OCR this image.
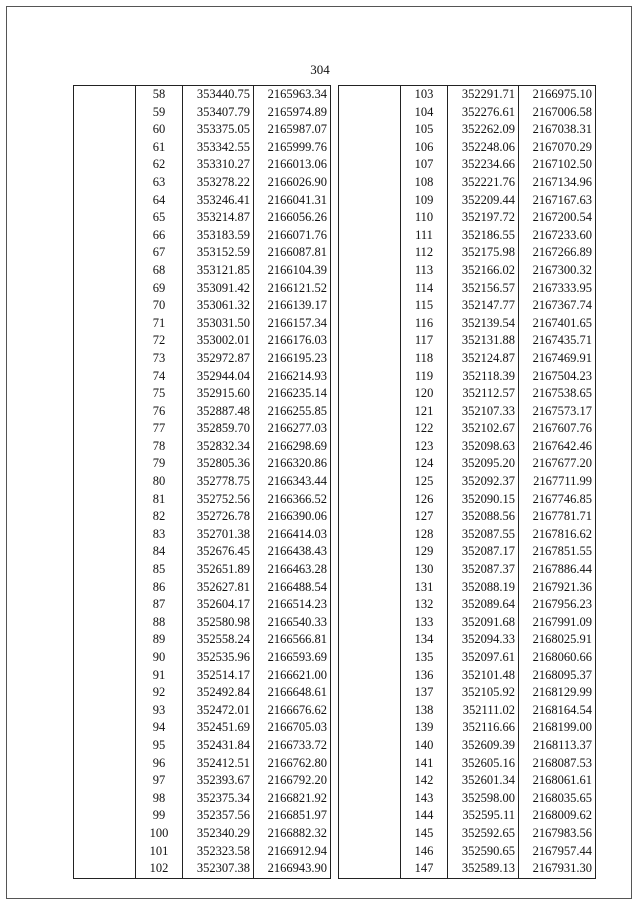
304
	58	353440.75	2165963.34
	59	353407.79	2165974.89
	60	353375.05	2165987.07
	61	353342.55	2165999.76
	62	353310.27	2166013.06
	63	353278.22	2166026.90
	64	353246.41	2166041.31
	65	353214.87	2166056.26
	66	353183.59	2166071.76
	67	353152.59	2166087.81
	68	353121.85	2166104.39
	69	353091.42	2166121.52
	70	353061.32	2166139.17
	71	353031.50	2166157.34
	72	353002.01	2166176.03
	73	352972.87	2166195.23
	74	352944.04	2166214.93
	75	352915.60	2166235.14
	76	352887.48	2166255.85
	77	352859.70	2166277.03
	78	352832.34	2166298.69
	79	352805.36	2166320.86
	80	352778.75	2166343.44
	81	352752.56	2166366.52
	82	352726.78	2166390.06
	83	352701.38	2166414.03
	84	352676.45	2166438.43
	85	352651.89	2166463.28
	86	352627.81	2166488.54
	87	352604.17	2166514.23
	88	352580.98	2166540.33
	89	352558.24	2166566.81
	90	352535.96	2166593.69
	91	352514.17	2166621.00
	92	352492.84	2166648.61
	93	352472.01	2166676.62
	94	352451.69	2166705.03
	95	352431.84	2166733.72
	96	352412.51	2166762.80
	97	352393.67	2166792.20
	98	352375.34	2166821.92
	99	352357.56	2166851.97
	100	352340.29	2166882.32
	101	352323.58	2166912.94
	102	352307.38	2166943.90
	103	352291.71	2166975.10
	104	352276.61	2167006.58
	105	352262.09	2167038.31
	106	352248.06	2167070.29
	107	352234.66	2167102.50
	108	352221.76	2167134.96
	109	352209.44	2167167.63
	110	352197.72	2167200.54
	111	352186.55	2167233.60
	112	352175.98	2167266.89
	113	352166.02	2167300.32
	114	352156.57	2167333.95
	115	352147.77	2167367.74
	116	352139.54	2167401.65
	117	352131.88	2167435.71
	118	352124.87	2167469.91
	119	352118.39	2167504.23
	120	352112.57	2167538.65
	121	352107.33	2167573.17
	122	352102.67	2167607.76
	123	352098.63	2167642.46
	124	352095.20	2167677.20
	125	352092.37	2167711.99
	126	352090.15	2167746.85
	127	352088.56	2167781.71
	128	352087.55	2167816.62
	129	352087.17	2167851.55
	130	352087.37	2167886.44
	131	352088.19	2167921.36
	132	352089.64	2167956.23
	133	352091.68	2167991.09
	134	352094.33	2168025.91
	135	352097.61	2168060.66
	136	352101.48	2168095.37
	137	352105.92	2168129.99
	138	352111.02	2168164.54
	139	352116.66	2168199.00
	140	352609.39	2168113.37
	141	352605.16	2168087.53
	142	352601.34	2168061.61
	143	352598.00	2168035.65
	144	352595.11	2168009.62
	145	352592.65	2167983.56
	146	352590.65	2167957.44
	147	352589.13	2167931.30
